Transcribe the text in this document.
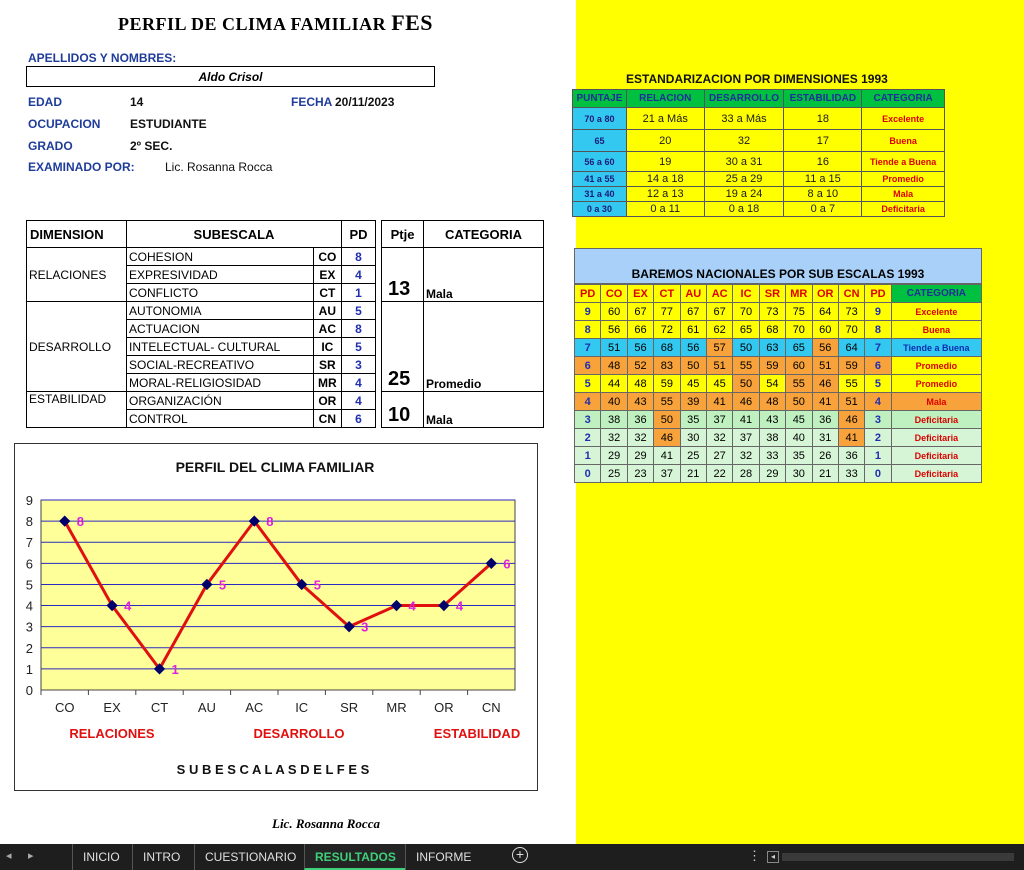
PERFIL DE CLIMA FAMILIAR FES
APELLIDOS Y NOMBRES:
Aldo Crisol
EDAD	14	FECHA 20/11/2023
OCUPACION ESTUDIANTE
GRADO	2º SEC.
EXAMINADO POR:	Lic. Rosanna Rocca
DIMENSION	SUBESCALA		PD		Ptje	CATEGORIA
RELACIONES	COHESION	CO	8		13	Mala
	EXPRESIVIDAD	EX	4			
	CONFLICTO	CT	1			
DESARROLLO	AUTONOMIA	AU	5		25	Promedio
	ACTUACION	AC	8			
	INTELECTUAL- CULTURAL	IC	5			
	SOCIAL-RECREATIVO	SR	3			
	MORAL-RELIGIOSIDAD	MR	4			
ESTABILIDAD	ORGANIZACIÓN	OR	4		10	Mala
	CONTROL	CN	6			
0
1
2
3
4
5
6
7
8
9
CO EX CT AU AC IC SR MR OR CN
8
4
1
5
8
5
3
4	4
6
PERFIL DEL CLIMA FAMILIAR
RELACIONES	DESARROLLO	ESTABILIDAD
S U B E S C A L A S D E L F E S
Lic. Rosanna Rocca
ESTANDARIZACION POR DIMENSIONES 1993
PUNTAJE	RELACION	DESARROLLO	ESTABILIDAD	CATEGORIA
70 a 80	21 a Más	33 a Más	18	Excelente
65	20	32	17	Buena
56 a 60	19	30 a 31	16	Tiende a Buena
41 a 55	14 a 18	25 a 29	11 a 15	Promedio
31 a 40	12 a 13	19 a 24	8 a 10	Mala
0 a 30	0 a 11	0 a 18	0 a 7	Deficitaria
BAREMOS NACIONALES POR SUB ESCALAS 1993
PD	CO	EX	CT	AU	AC	IC	SR	MR	OR	CN	PD	CATEGORIA
9	60	67	77	67	67	70	73	75	64	73	9	Excelente
8	56	66	72	61	62	65	68	70	60	70	8	Buena
7	51	56	68	56	57	50	63	65	56	64	7	Tiende a Buena
6	48	52	83	50	51	55	59	60	51	59	6	Promedio
5	44	48	59	45	45	50	54	55	46	55	5	Promedio
4	40	43	55	39	41	46	48	50	41	51	4	Mala
3	38	36	50	35	37	41	43	45	36	46	3	Deficitaria
2	32	32	46	30	32	37	38	40	31	41	2	Deficitaria
1	29	29	41	25	27	32	33	35	26	36	1	Deficitaria
0	25	23	37	21	22	28	29	30	21	33	0	Deficitaria
◂ ▸	INICIO	INTRO	CUESTIONARIO	RESULTADOS	INFORME	+	⋮	◂
